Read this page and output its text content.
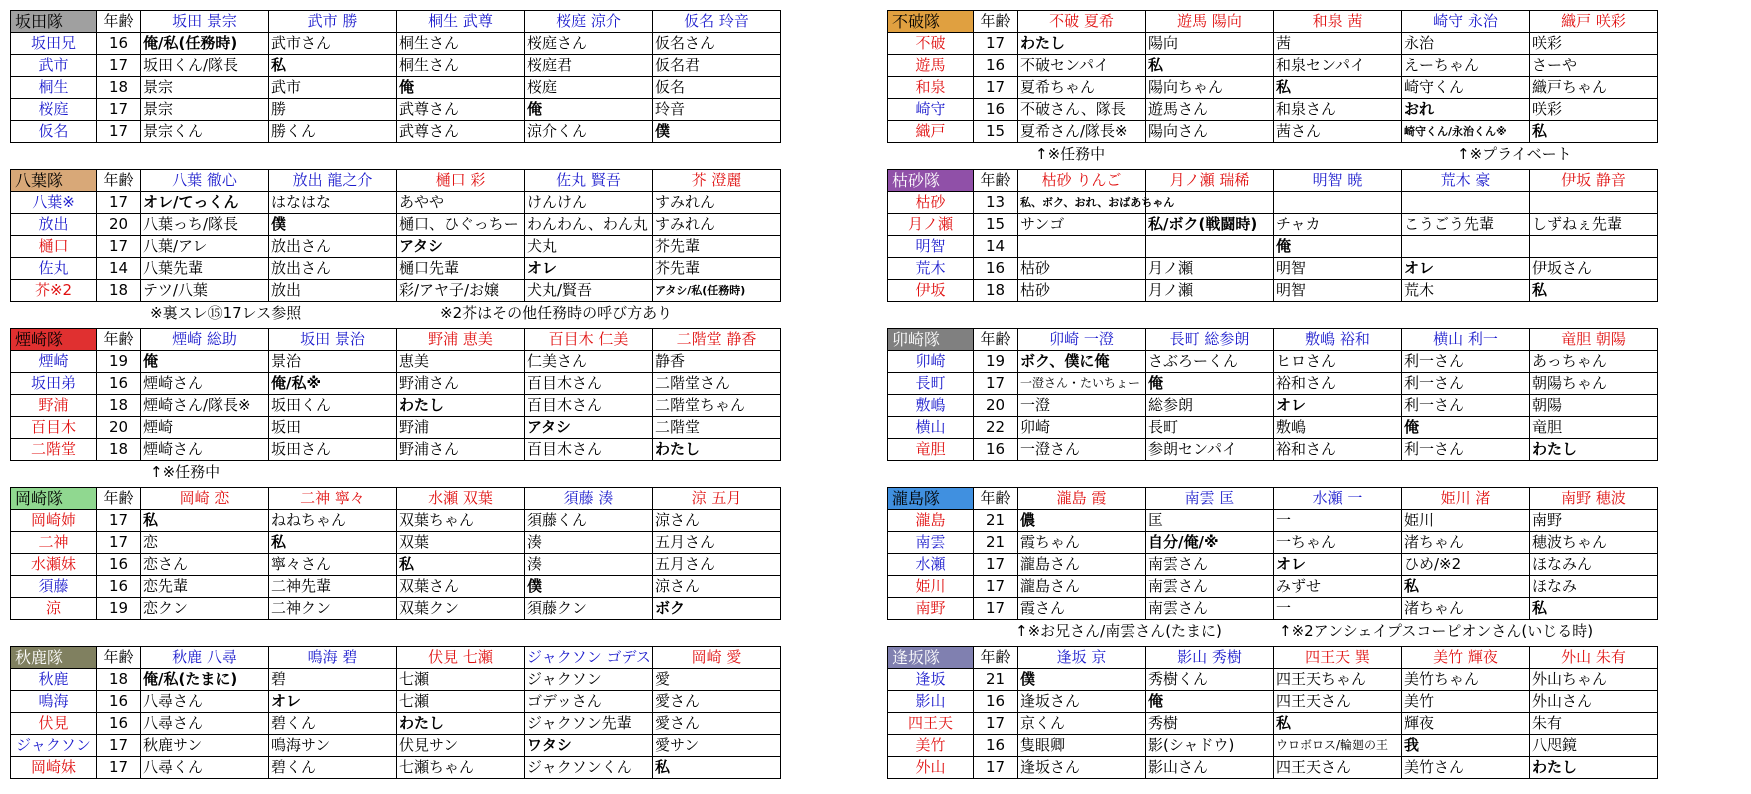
坂田隊	年齢	坂田 景宗	武市 勝	桐生 武尊	桜庭 涼介	仮名 玲音
坂田兄	16	俺/私(任務時)	武市さん	桐生さん	桜庭さん	仮名さん
武市	17	坂田くん/隊長	私	桐生さん	桜庭君	仮名君
桐生	18	景宗	武市	俺	桜庭	仮名
桜庭	17	景宗	勝	武尊さん	俺	玲音
仮名	17	景宗くん	勝くん	武尊さん	涼介くん	僕
不破隊	年齢	不破 夏希	遊馬 陽向	和泉 茜	崎守 永治	織戸 咲彩
不破	17	わたし	陽向	茜	永治	咲彩
遊馬	16	不破センパイ	私	和泉センパイ	えーちゃん	さーや
和泉	17	夏希ちゃん	陽向ちゃん	私	崎守くん	織戸ちゃん
崎守	16	不破さん、隊長	遊馬さん	和泉さん	おれ	咲彩
織戸	15	夏希さん/隊長※	陽向さん	茜さん	崎守くん/永治くん※	私
↑※任務中	↑※プライベート
八葉隊	年齢	八葉 徹心	放出 龍之介	樋口 彩	佐丸 賢吾	芥 澄麗
八葉※	17	オレ/てっくん	はなはな	あやや	けんけん	すみれん
放出	20	八葉っち/隊長	僕	樋口、ひぐっちー	わんわん、わん丸	すみれん
樋口	17	八葉/アレ	放出さん	アタシ	犬丸	芥先輩
佐丸	14	八葉先輩	放出さん	樋口先輩	オレ	芥先輩
芥※2	18	テツ/八葉	放出	彩/アヤ子/お嬢	犬丸/賢吾	アタシ/私(任務時)
※裏スレ⑮17レス参照	※2芥はその他任務時の呼び方あり
枯砂隊	年齢	枯砂 りんご	月ノ瀬 瑞稀	明智 暁	荒木 豪	伊坂 静音
枯砂	13	私、ボク、おれ、おばあちゃん				
月ノ瀬	15	サンゴ	私/ボク(戦闘時)	チャカ	こうごう先輩	しずねぇ先輩
明智	14			俺		
荒木	16	枯砂	月ノ瀬	明智	オレ	伊坂さん
伊坂	18	枯砂	月ノ瀬	明智	荒木	私
煙崎隊	年齢	煙崎 総助	坂田 景治	野浦 恵美	百目木 仁美	二階堂 静香
煙崎	19	俺	景治	恵美	仁美さん	静香
坂田弟	16	煙崎さん	俺/私※	野浦さん	百目木さん	二階堂さん
野浦	18	煙崎さん/隊長※	坂田くん	わたし	百目木さん	二階堂ちゃん
百目木	20	煙崎	坂田	野浦	アタシ	二階堂
二階堂	18	煙崎さん	坂田さん	野浦さん	百目木さん	わたし
↑※任務中
卯崎隊	年齢	卯崎 一澄	長町 総参朗	敷嶋 裕和	横山 利一	竜胆 朝陽
卯崎	19	ボク、僕に俺	さぶろーくん	ヒロさん	利一さん	あっちゃん
長町	17	一澄さん・たいちょー	俺	裕和さん	利一さん	朝陽ちゃん
敷嶋	20	一澄	総参朗	オレ	利一さん	朝陽
横山	22	卯崎	長町	敷嶋	俺	竜胆
竜胆	16	一澄さん	参朗センパイ	裕和さん	利一さん	わたし
岡崎隊	年齢	岡崎 恋	二神 寧々	水瀬 双葉	須藤 湊	涼 五月
岡崎姉	17	私	ねねちゃん	双葉ちゃん	須藤くん	涼さん
二神	17	恋	私	双葉	湊	五月さん
水瀬妹	16	恋さん	寧々さん	私	湊	五月さん
須藤	16	恋先輩	二神先輩	双葉さん	僕	涼さん
涼	19	恋クン	二神クン	双葉クン	須藤クン	ボク
瀧島隊	年齢	瀧島 霞	南雲 匡	水瀬 一	姫川 渚	南野 穂波
瀧島	21	儂	匡	一	姫川	南野
南雲	21	霞ちゃん	自分/俺/※	一ちゃん	渚ちゃん	穂波ちゃん
水瀬	17	瀧島さん	南雲さん	オレ	ひめ/※2	ほなみん
姫川	17	瀧島さん	南雲さん	みずせ	私	ほなみ
南野	17	霞さん	南雲さん	一	渚ちゃん	私
↑※お兄さん/南雲さん(たまに)	↑※2アンシェイプスコーピオンさん(いじる時)
秋鹿隊	年齢	秋鹿 八尋	鳴海 碧	伏見 七瀬	ジャクソン ゴデス	岡崎 愛
秋鹿	18	俺/私(たまに)	碧	七瀬	ジャクソン	愛
鳴海	16	八尋さん	オレ	七瀬	ゴデッさん	愛さん
伏見	16	八尋さん	碧くん	わたし	ジャクソン先輩	愛さん
ジャクソン	17	秋鹿サン	鳴海サン	伏見サン	ワタシ	愛サン
岡崎妹	17	八尋くん	碧くん	七瀬ちゃん	ジャクソンくん	私
逢坂隊	年齢	逢坂 京	影山 秀樹	四王天 巽	美竹 輝夜	外山 朱有
逢坂	21	僕	秀樹くん	四王天ちゃん	美竹ちゃん	外山ちゃん
影山	16	逢坂さん	俺	四王天さん	美竹	外山さん
四王天	17	京くん	秀樹	私	輝夜	朱有
美竹	16	隻眼卿	影(シャドウ)	ウロボロス/輪廻の王	我	八咫鏡
外山	17	逢坂さん	影山さん	四王天さん	美竹さん	わたし
